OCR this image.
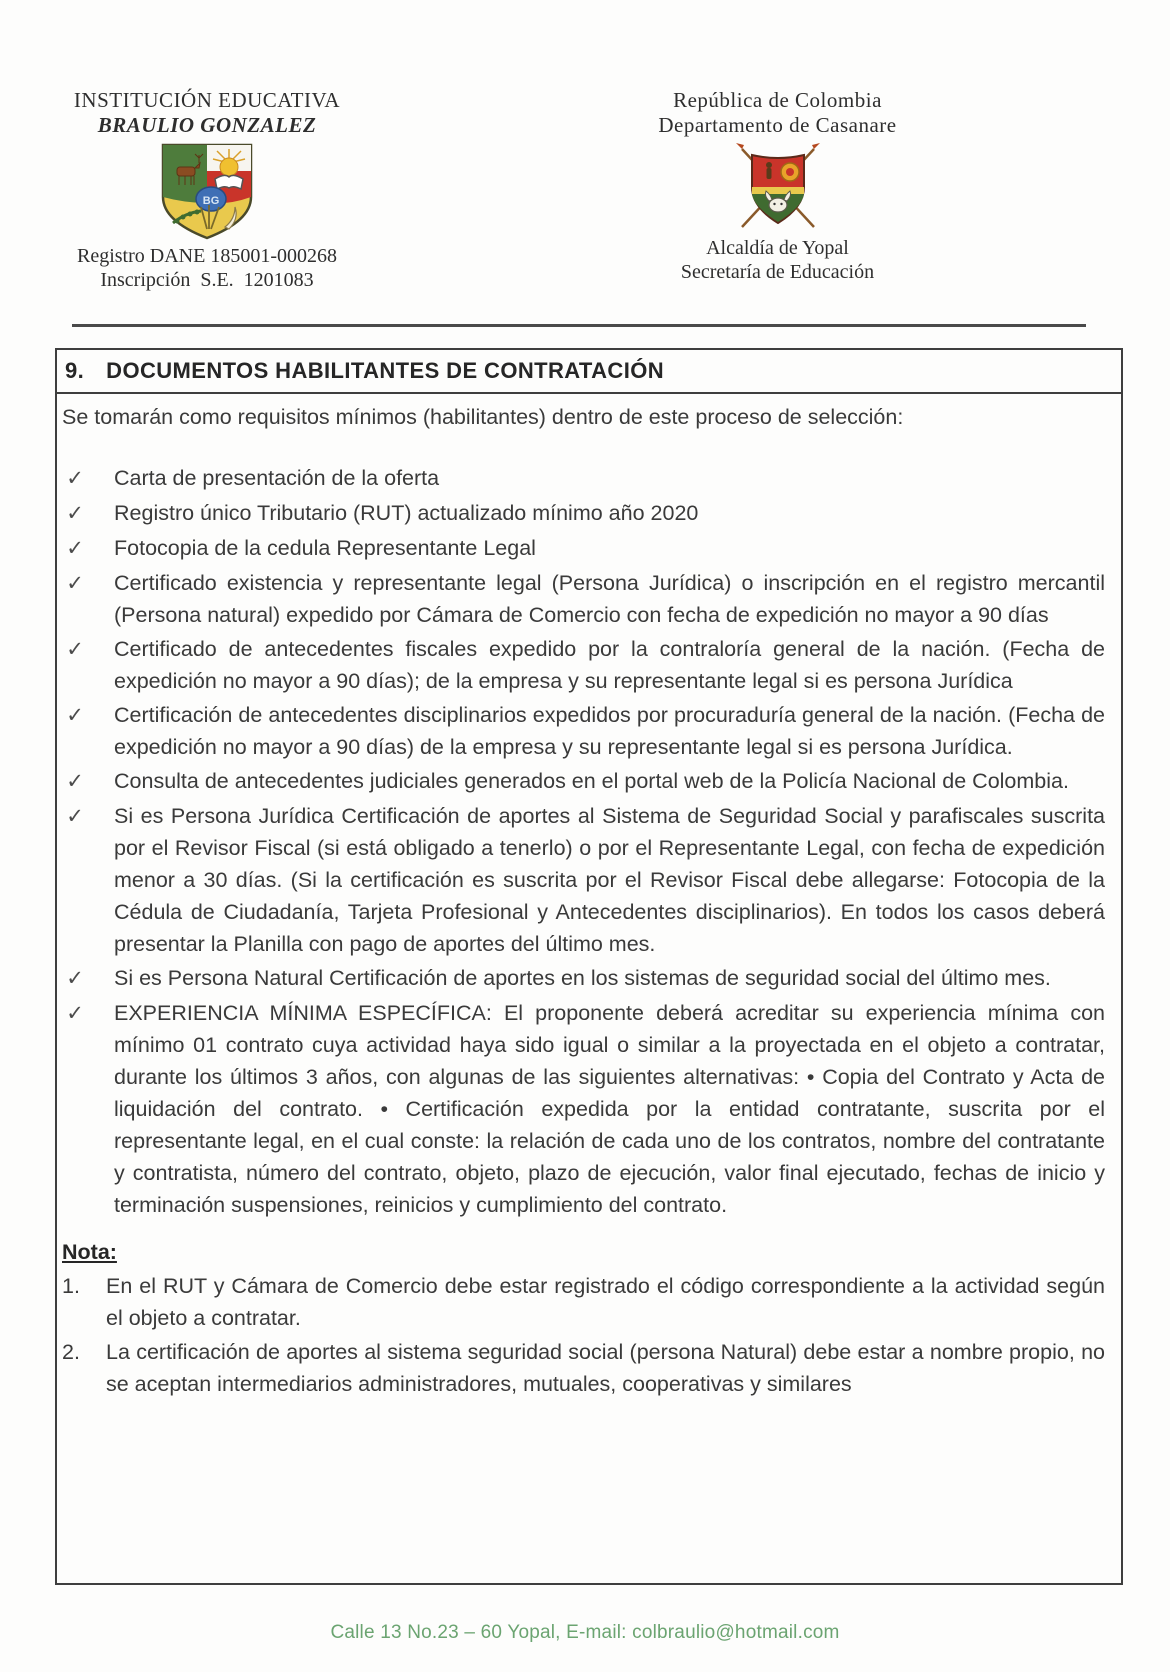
INSTITUCIÓN EDUCATIVA
BRAULIO GONZALEZ
BG
Registro DANE 185001-000268
Inscripción  S.E.  1201083
República de Colombia
Departamento de Casanare
Alcaldía de Yopal
Secretaría de Educación
9. DOCUMENTOS HABILITANTES DE CONTRATACIÓN

Se tomarán como requisitos mínimos (habilitantes) dentro de este proceso de selección:

✓ Carta de presentación de la oferta
✓ Registro único Tributario (RUT) actualizado mínimo año 2020
✓ Fotocopia de la cedula Representante Legal
✓ Certificado existencia y representante legal (Persona Jurídica) o inscripción en el registro mercantil (Persona natural) expedido por Cámara de Comercio con fecha de expedición no mayor a 90 días
✓ Certificado de antecedentes fiscales expedido por la contraloría general de la nación. (Fecha de expedición no mayor a 90 días); de la empresa y su representante legal si es persona Jurídica
✓ Certificación de antecedentes disciplinarios expedidos por procuraduría general de la nación. (Fecha de expedición no mayor a 90 días) de la empresa y su representante legal si es persona Jurídica.
✓ Consulta de antecedentes judiciales generados en el portal web de la Policía Nacional de Colombia.
✓ Si es Persona Jurídica Certificación de aportes al Sistema de Seguridad Social y parafiscales suscrita por el Revisor Fiscal (si está obligado a tenerlo) o por el Representante Legal, con fecha de expedición menor a 30 días. (Si la certificación es suscrita por el Revisor Fiscal debe allegarse: Fotocopia de la Cédula de Ciudadanía, Tarjeta Profesional y Antecedentes disciplinarios). En todos los casos deberá presentar la Planilla con pago de aportes del último mes.
✓ Si es Persona Natural Certificación de aportes en los sistemas de seguridad social del último mes.
✓ EXPERIENCIA MÍNIMA ESPECÍFICA: El proponente deberá acreditar su experiencia mínima con mínimo 01 contrato cuya actividad haya sido igual o similar a la proyectada en el objeto a contratar, durante los últimos 3 años, con algunas de las siguientes alternativas: • Copia del Contrato y Acta de liquidación del contrato. • Certificación expedida por la entidad contratante, suscrita por el representante legal, en el cual conste: la relación de cada uno de los contratos, nombre del contratante y contratista, número del contrato, objeto, plazo de ejecución, valor final ejecutado, fechas de inicio y terminación suspensiones, reinicios y cumplimiento del contrato.
Nota:
1.	En el RUT y Cámara de Comercio debe estar registrado el código correspondiente a la actividad según el objeto a contratar.
2.	La certificación de aportes al sistema seguridad social (persona Natural) debe estar a nombre propio, no se aceptan intermediarios administradores, mutuales, cooperativas y similares
Calle 13 No.23 – 60 Yopal, E-mail: colbraulio@hotmail.com
